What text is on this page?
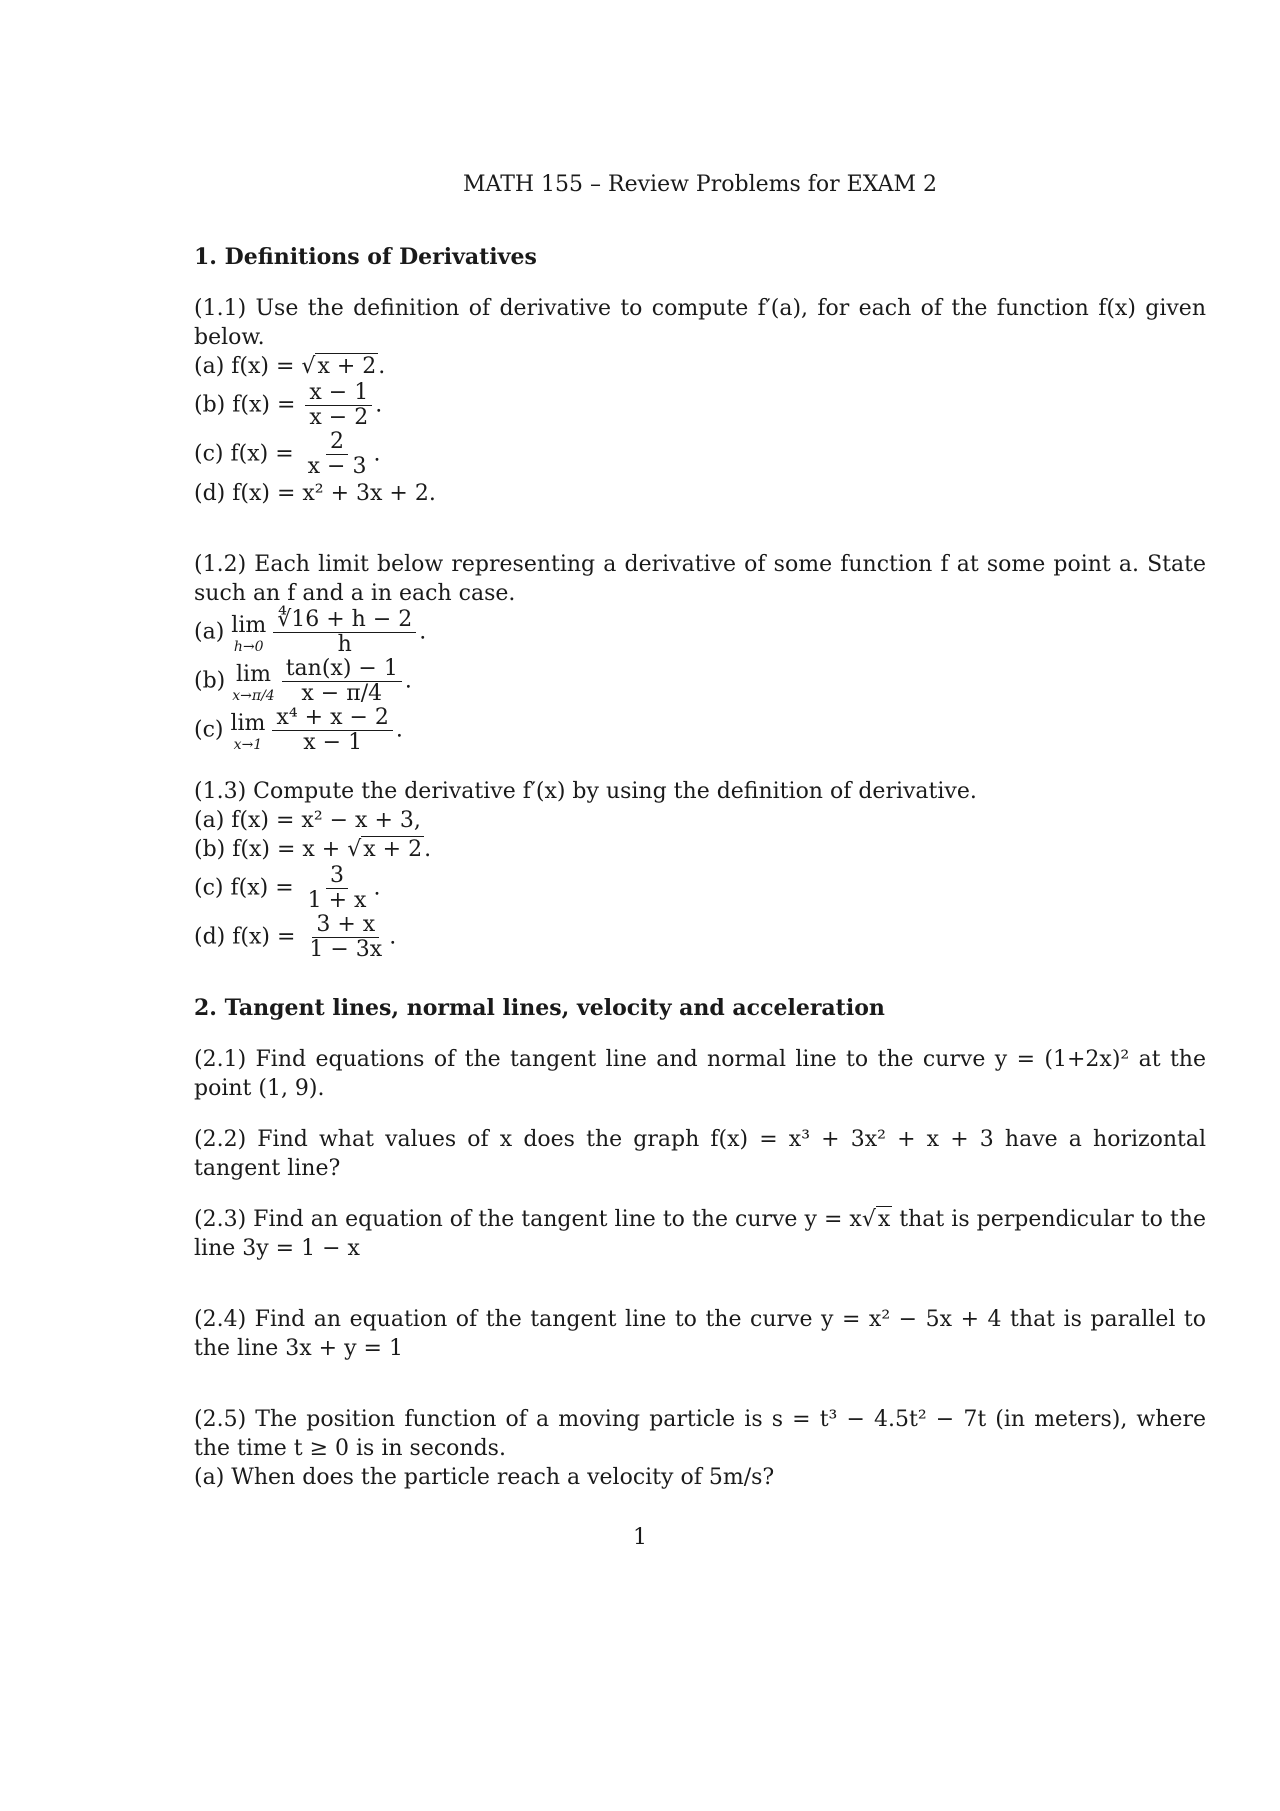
MATH 155 – Review Problems for EXAM 2
1. Definitions of Derivatives

(1.1) Use the definition of derivative to compute f′(a), for each of the function f(x) given below.

(a) f(x) = √x + 2.
(b) $f(x) = \frac{x - 1}{x - 2}$ .
(c) $f(x) = \frac{2}{x - 3}$ .
(d) f(x) = x² + 3x + 2.

(1.2) Each limit below representing a derivative of some function f at some point a. State such an f and a in each case.

(a) lim
$h\to 0 \frac{∜16 + h - 2}{h}$ .
(b) lim
$x\to\pi/4 \frac{\tan(x) - 1}{x - \pi/4}$ .
(c) lim
$x\to 1 \frac{\text{x⁴ + x − 2}}{x - 1}$ .

(1.3) Compute the derivative f′(x) by using the definition of derivative.

(a) f(x) = x² − x + 3,
(b) f(x) = x + √x + 2.
(c) $f(x) = \frac{3}{1 + x}$ .
(d) $f(x) = \frac{3 + x}{1 - 3x}$ .
2. Tangent lines, normal lines, velocity and acceleration

(2.1) Find equations of the tangent line and normal line to the curve y = (1+2x)² at the point (1, 9).

(2.2) Find what values of x does the graph f(x) = x³ + 3x² + x + 3 have a horizontal tangent line?

(2.3) Find an equation of the tangent line to the curve y = x√x that is perpendicular to the line 3y = 1 − x

(2.4) Find an equation of the tangent line to the curve y = x² − 5x + 4 that is parallel to the line 3x + y = 1

(2.5) The position function of a moving particle is s = t³ − 4.5t² − 7t (in meters), where the time t ≥ 0 is in seconds.

(a) When does the particle reach a velocity of 5m/s?
1
